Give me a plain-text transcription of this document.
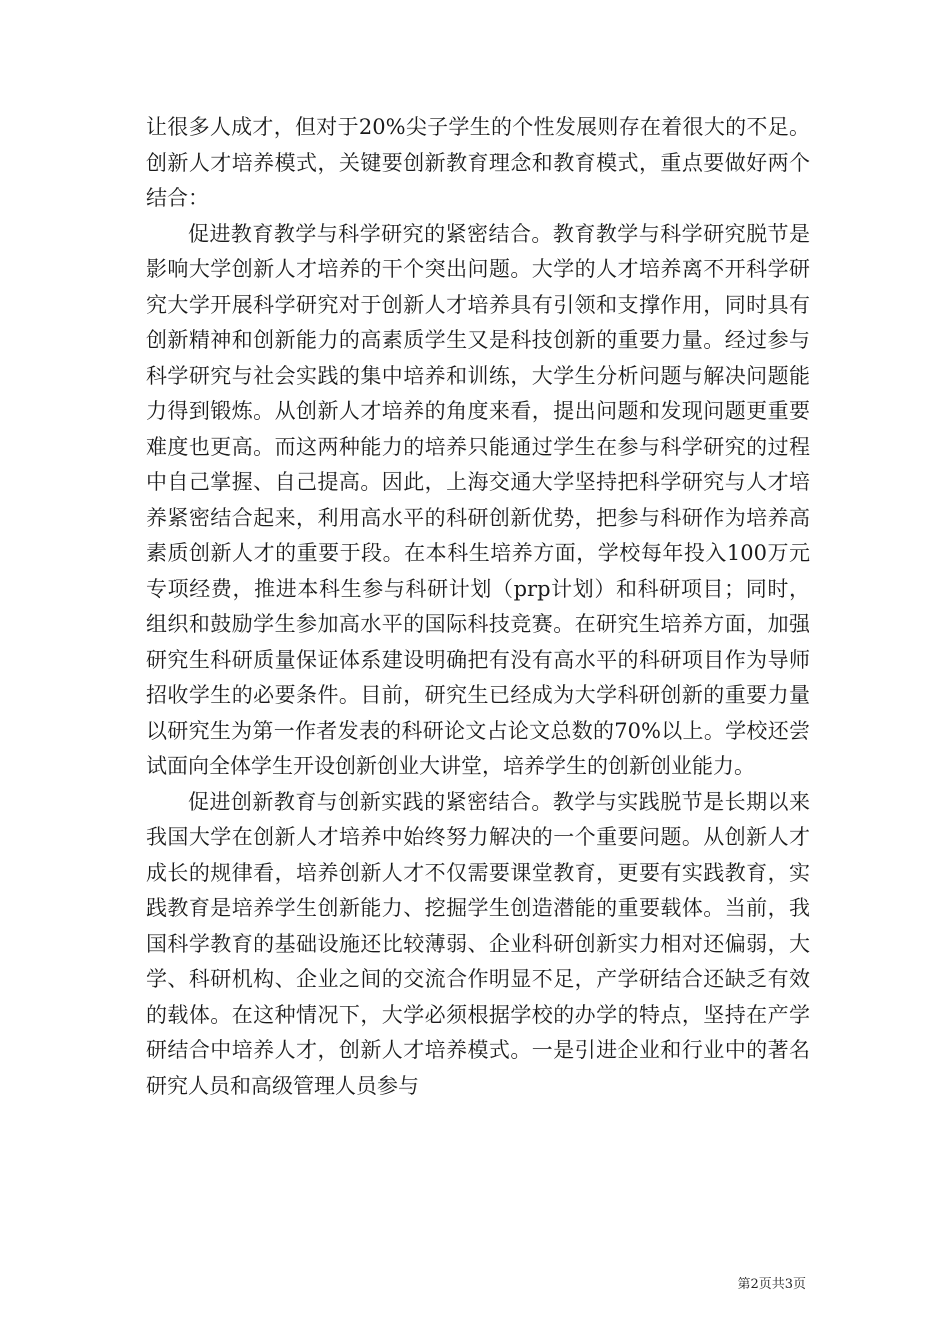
让很多人成才，但对于20%尖子学生的个性发展则存在着很大的不足。创新人才培养模式，关键要创新教育理念和教育模式，重点要做好两个结合：

促进教育教学与科学研究的紧密结合。教育教学与科学研究脱节是影响大学创新人才培养的干个突出问题。大学的人才培养离不开科学研究大学开展科学研究对于创新人才培养具有引领和支撑作用，同时具有创新精神和创新能力的高素质学生又是科技创新的重要力量。经过参与科学研究与社会实践的集中培养和训练，大学生分析问题与解决问题能力得到锻炼。从创新人才培养的角度来看，提出问题和发现问题更重要难度也更高。而这两种能力的培养只能通过学生在参与科学研究的过程中自己掌握、自己提高。因此，上海交通大学坚持把科学研究与人才培养紧密结合起来，利用高水平的科研创新优势，把参与科研作为培养高素质创新人才的重要于段。在本科生培养方面，学校每年投入100万元专项经费，推进本科生参与科研计划（prp计划）和科研项目；同时，组织和鼓励学生参加高水平的国际科技竞赛。在研究生培养方面，加强研究生科研质量保证体系建设明确把有没有高水平的科研项目作为导师招收学生的必要条件。目前，研究生已经成为大学科研创新的重要力量以研究生为第一作者发表的科研论文占论文总数的70%以上。学校还尝试面向全体学生开设创新创业大讲堂，培养学生的创新创业能力。

促进创新教育与创新实践的紧密结合。教学与实践脱节是长期以来我国大学在创新人才培养中始终努力解决的一个重要问题。从创新人才成长的规律看，培养创新人才不仅需要课堂教育，更要有实践教育，实践教育是培养学生创新能力、挖掘学生创造潜能的重要载体。当前，我国科学教育的基础设施还比较薄弱、企业科研创新实力相对还偏弱，大学、科研机构、企业之间的交流合作明显不足，产学研结合还缺乏有效的载体。在这种情况下，大学必须根据学校的办学的特点，坚持在产学研结合中培养人才，创新人才培养模式。一是引进企业和行业中的著名研究人员和高级管理人员参与

第2页共3页
